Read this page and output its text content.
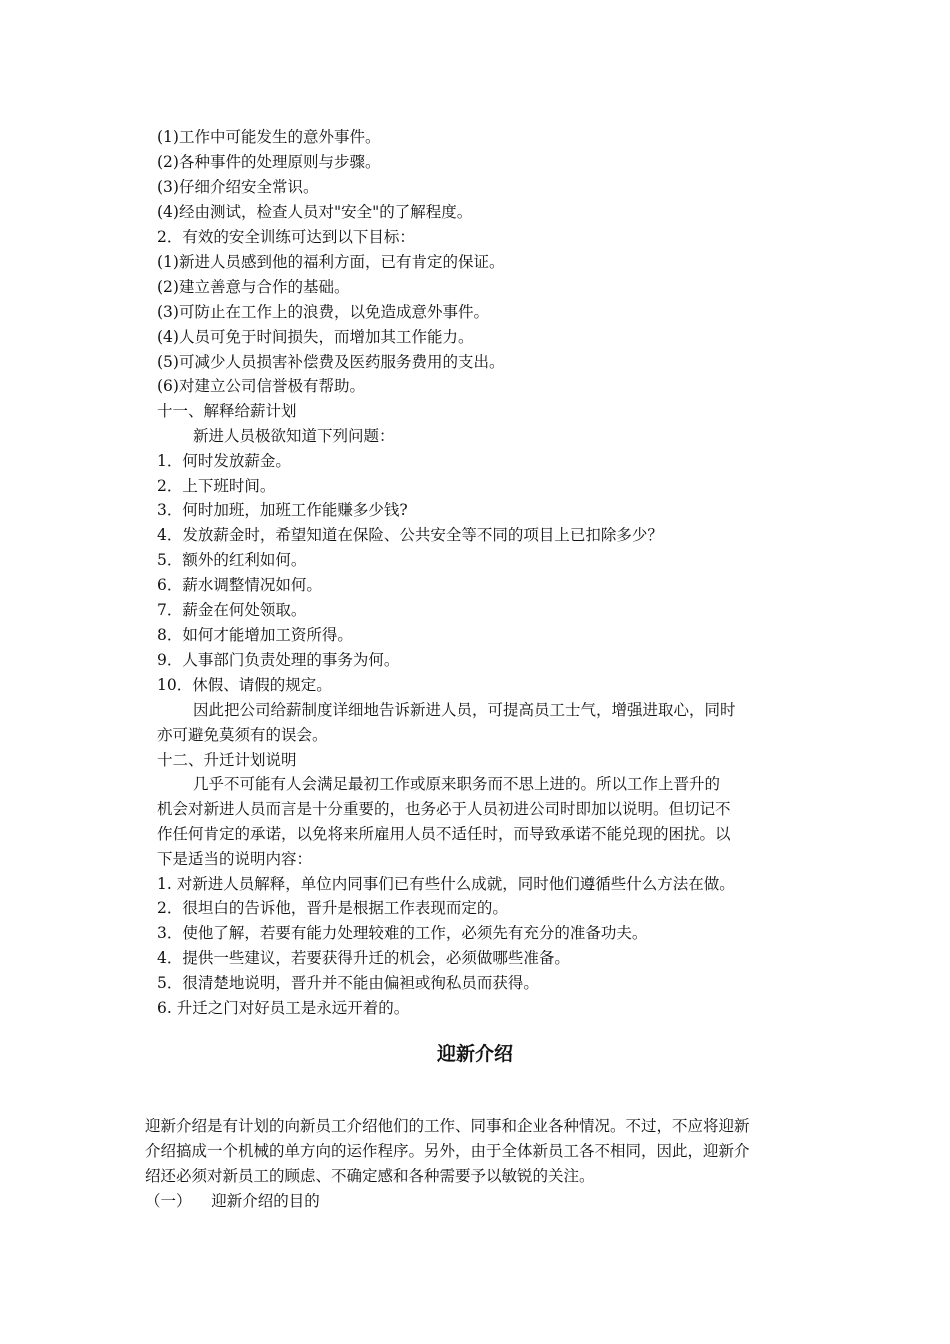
(1)工作中可能发生的意外事件。
(2)各种事件的处理原则与步骤。
(3)仔细介绍安全常识。
(4)经由测试，检查人员对"安全"的了解程度。
2．有效的安全训练可达到以下目标：
(1)新进人员感到他的福利方面，已有肯定的保证。
(2)建立善意与合作的基础。
(3)可防止在工作上的浪费，以免造成意外事件。
(4)人员可免于时间损失，而增加其工作能力。
(5)可减少人员损害补偿费及医药服务费用的支出。
(6)对建立公司信誉极有帮助。
十一、解释给薪计划
新进人员极欲知道下列问题：
1．何时发放薪金。
2．上下班时间。
3．何时加班，加班工作能赚多少钱?
4．发放薪金时，希望知道在保险、公共安全等不同的项目上已扣除多少？
5．额外的红利如何。
6．薪水调整情况如何。
7．薪金在何处领取。
8．如何才能增加工资所得。
9．人事部门负责处理的事务为何。
10．休假、请假的规定。
因此把公司给薪制度详细地告诉新进人员，可提高员工士气，增强进取心，同时
亦可避免莫须有的误会。
十二、升迁计划说明
几乎不可能有人会满足最初工作或原来职务而不思上进的。所以工作上晋升的
机会对新进人员而言是十分重要的，也务必于人员初进公司时即加以说明。但切记不
作任何肯定的承诺，以免将来所雇用人员不适任时，而导致承诺不能兑现的困扰。以
下是适当的说明内容：
1. 对新进人员解释，单位内同事们已有些什么成就，同时他们遵循些什么方法在做。
2．很坦白的告诉他，晋升是根据工作表现而定的。
3．使他了解，若要有能力处理较难的工作，必须先有充分的准备功夫。
4．提供一些建议，若要获得升迁的机会，必须做哪些准备。
5．很清楚地说明，晋升并不能由偏袒或徇私员而获得。
6. 升迁之门对好员工是永远开着的。
迎新介绍
迎新介绍是有计划的向新员工介绍他们的工作、同事和企业各种情况。不过，不应将迎新
介绍搞成一个机械的单方向的运作程序。另外，由于全体新员工各不相同，因此，迎新介
绍还必须对新员工的顾虑、不确定感和各种需要予以敏锐的关注。
（一）    迎新介绍的目的
